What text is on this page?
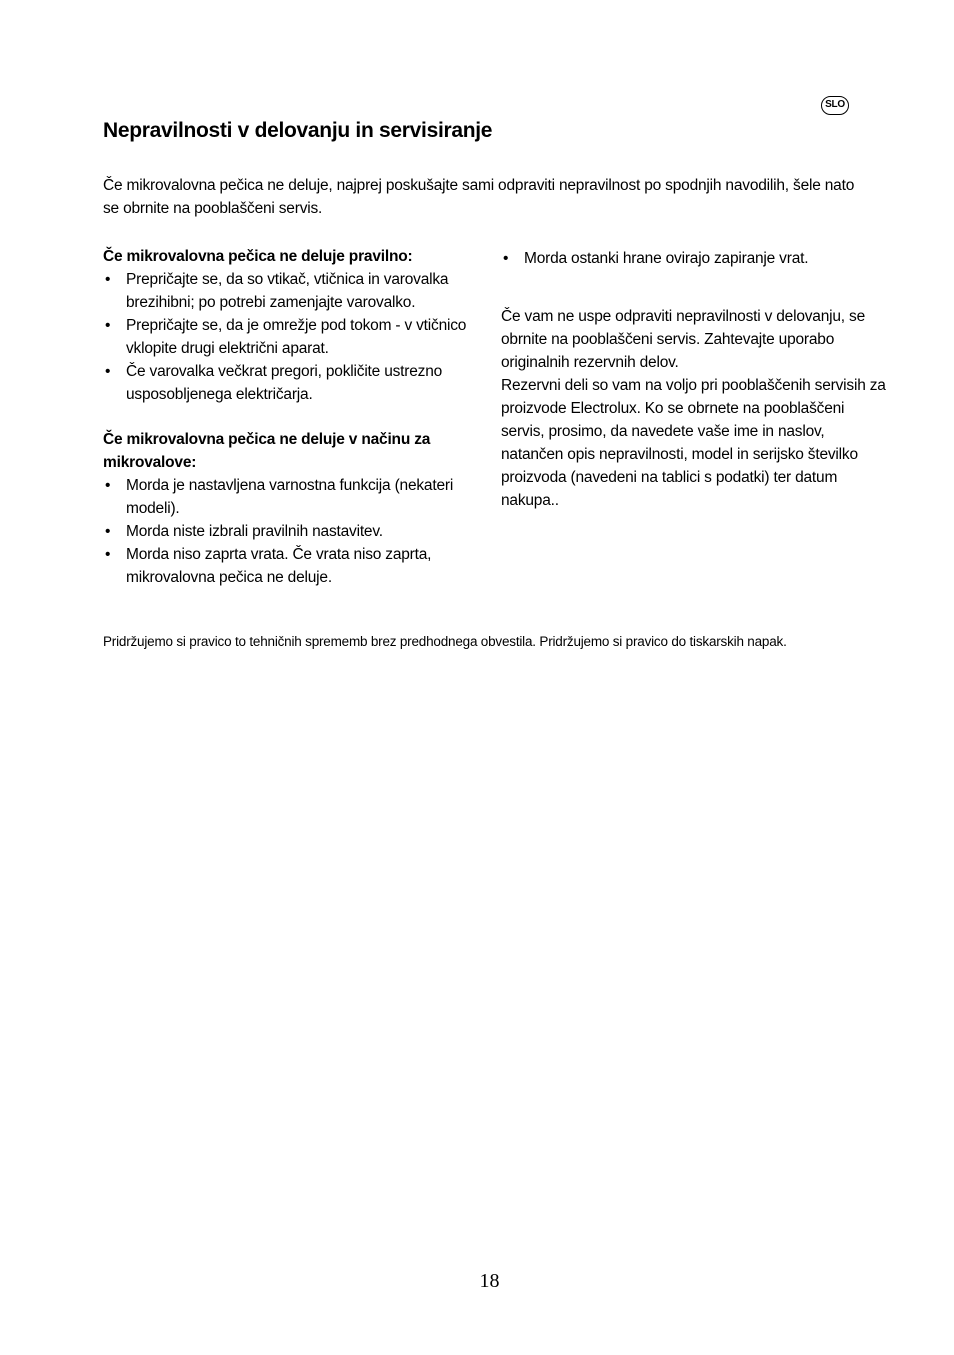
SLO
Nepravilnosti v delovanju in servisiranje

Če mikrovalovna pečica ne deluje, najprej poskušajte sami odpraviti nepravilnost po spodnjih navodilih, šele nato se obrnite na pooblaščeni servis.

Če mikrovalovna pečica ne deluje pravilno:

• Prepričajte se, da so vtikač, vtičnica in varovalka brezihibni; po potrebi zamenjajte varovalko.
• Prepričajte se, da je omrežje pod tokom - v vtičnico vklopite drugi električni aparat.
• Če varovalka večkrat pregori, pokličite ustrezno usposobljenega električarja.

Če mikrovalovna pečica ne deluje v načinu za mikrovalove:

• Morda je nastavljena varnostna funkcija (nekateri modeli).
• Morda niste izbrali pravilnih nastavitev.
• Morda niso zaprta vrata. Če vrata niso zaprta, mikrovalovna pečica ne deluje.
• Morda ostanki hrane ovirajo zapiranje vrat.

Če vam ne uspe odpraviti nepravilnosti v delovanju, se obrnite na pooblaščeni servis. Zahtevajte uporabo originalnih rezervnih delov.

Rezervni deli so vam na voljo pri pooblaščenih servisih za proizvode Electrolux. Ko se obrnete na pooblaščeni servis, prosimo, da navedete vaše ime in naslov, natančen opis nepravilnosti, model in serijsko številko proizvoda (navedeni na tablici s podatki) ter datum nakupa..

Pridržujemo si pravico to tehničnih sprememb brez predhodnega obvestila. Pridržujemo si pravico do tiskarskih napak.

18
